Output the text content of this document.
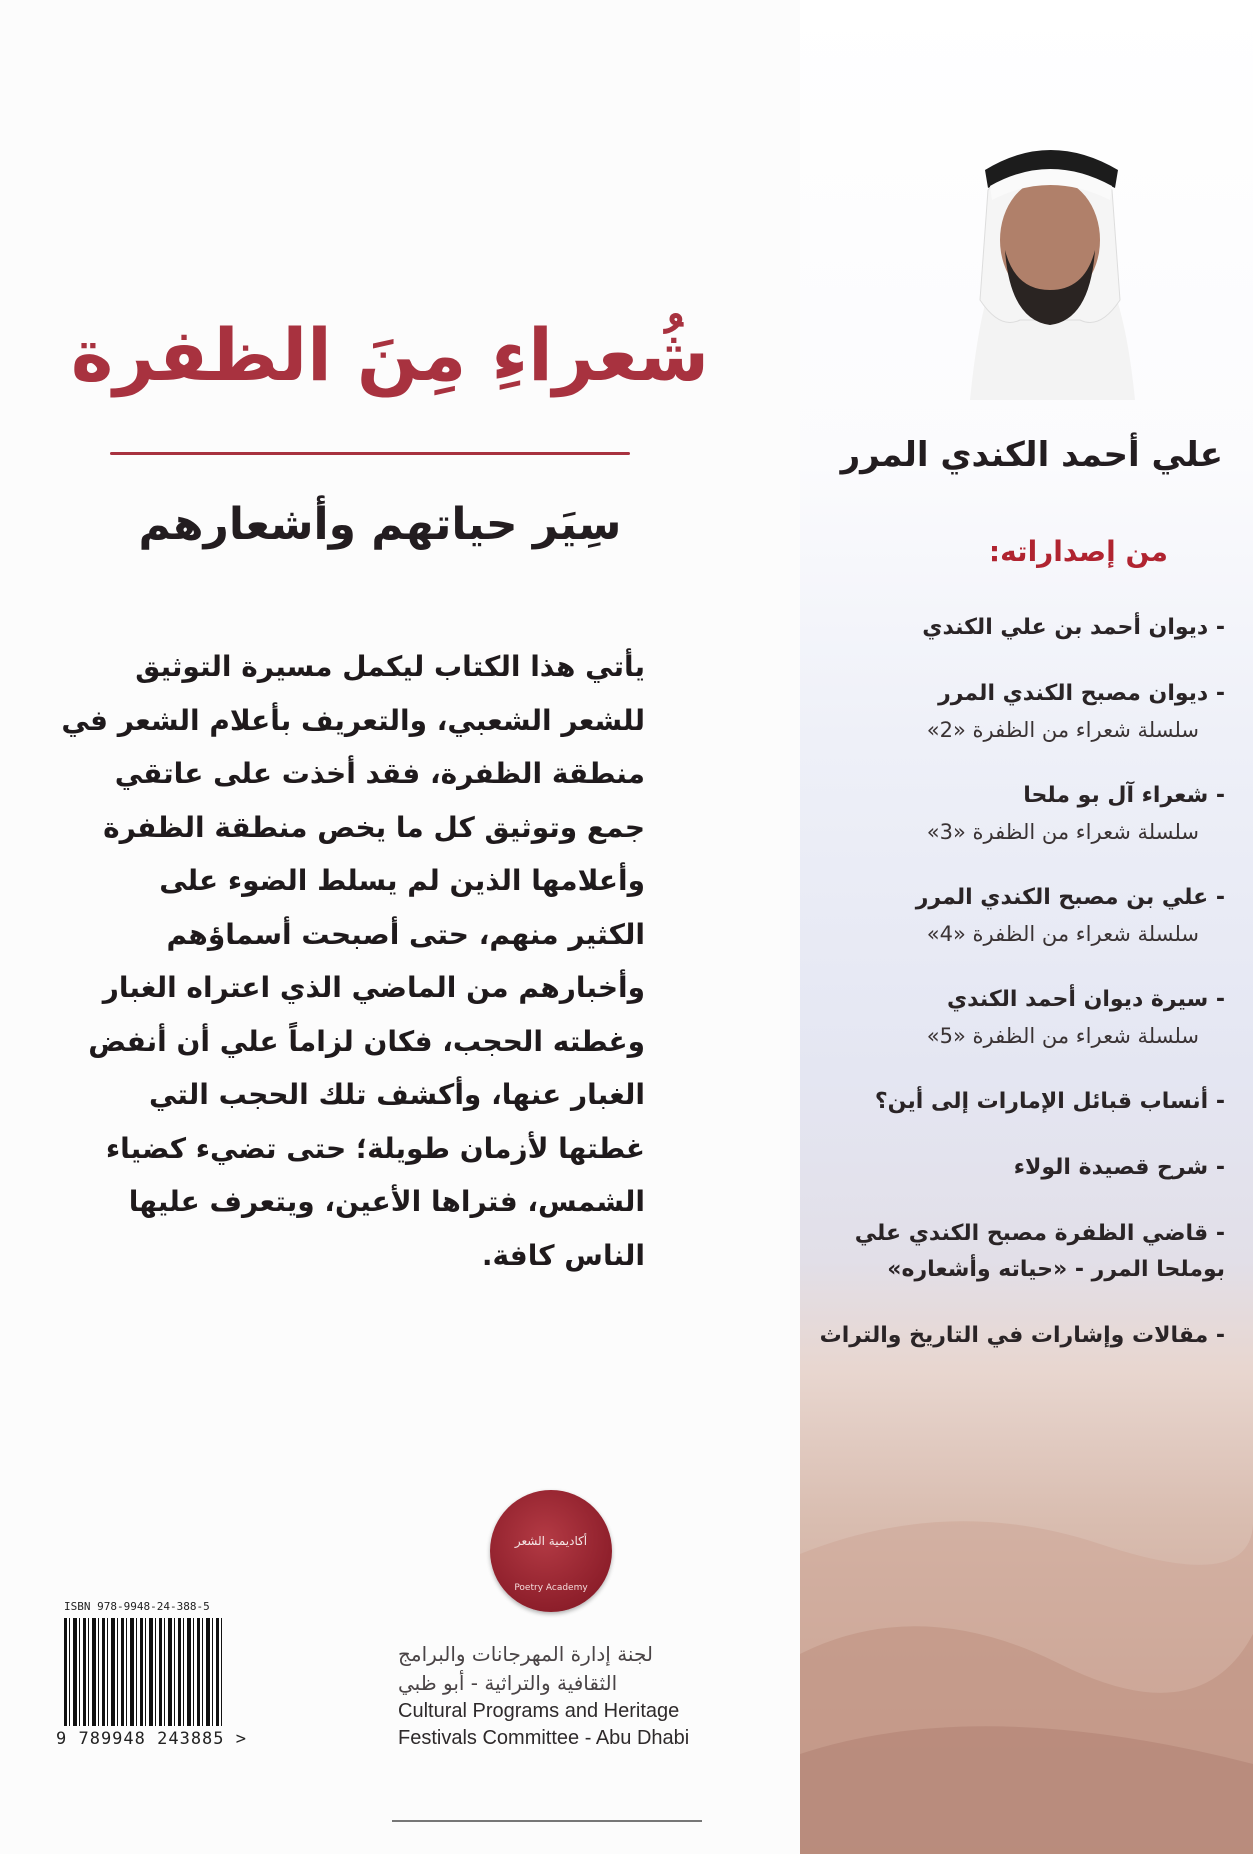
شُعراءِ مِنَ الظفرة
سِيَر حياتهم وأشعارهم
يأتي هذا الكتاب ليكمل مسيرة التوثيق
للشعر الشعبي، والتعريف بأعلام الشعر في
منطقة الظفرة، فقد أخذت على عاتقي
جمع وتوثيق كل ما يخص منطقة الظفرة
وأعلامها الذين لم يسلط الضوء على
الكثير منهم، حتى أصبحت أسماؤهم
وأخبارهم من الماضي الذي اعتراه الغبار
وغطته الحجب، فكان لزاماً علي أن أنفض
الغبار عنها، وأكشف تلك الحجب التي
غطتها لأزمان طويلة؛ حتى تضيء كضياء
الشمس، فتراها الأعين، ويتعرف عليها
الناس كافة.
أكاديمية الشعر
Poetry Academy
لجنة إدارة المهرجانات والبرامج
الثقافية والتراثية - أبو ظبي
Cultural Programs and Heritage
Festivals Committee - Abu Dhabi
ISBN 978-9948-24-388-5
9 789948 243885 >
علي أحمد الكندي المرر
من إصداراته:
- ديوان أحمد بن علي الكندي
- ديوان مصبح الكندي المرر
سلسلة شعراء من الظفرة «2»
- شعراء آل بو ملحا
سلسلة شعراء من الظفرة «3»
- علي بن مصبح الكندي المرر
سلسلة شعراء من الظفرة «4»
- سيرة ديوان أحمد الكندي
سلسلة شعراء من الظفرة «5»
- أنساب قبائل الإمارات إلى أين؟
- شرح قصيدة الولاء
- قاضي الظفرة مصبح الكندي علي بوملحا المرر - «حياته وأشعاره»
- مقالات وإشارات في التاريخ والتراث
